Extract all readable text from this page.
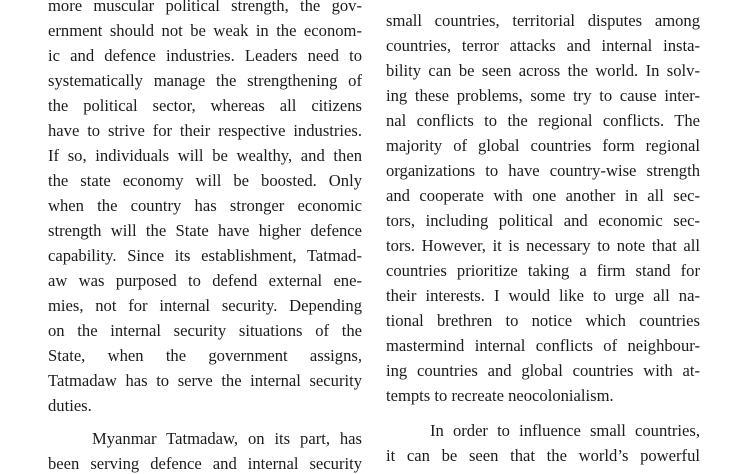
more muscular political strength, the gov-
ernment should not be weak in the econom-
ic and defence industries. Leaders need to
systematically manage the strengthening of
the political sector, whereas all citizens
have to strive for their respective industries.
If so, individuals will be wealthy, and then
the state economy will be boosted. Only
when the country has stronger economic
strength will the State have higher defence
capability. Since its establishment, Tatmad-
aw was purposed to defend external ene-
mies, not for internal security. Depending
on the internal security situations of the
State, when the government assigns,
Tatmadaw has to serve the internal security
duties.
Myanmar Tatmadaw, on its part, has
been serving defence and internal security
small countries, territorial disputes among
countries, terror attacks and internal insta-
bility can be seen across the world. In solv-
ing these problems, some try to cause inter-
nal conflicts to the regional conflicts. The
majority of global countries form regional
organizations to have country-wise strength
and cooperate with one another in all sec-
tors, including political and economic sec-
tors. However, it is necessary to note that all
countries prioritize taking a firm stand for
their interests. I would like to urge all na-
tional brethren to notice which countries
mastermind internal conflicts of neighbour-
ing countries and global countries with at-
tempts to recreate neocolonialism.
In order to influence small countries,
it can be seen that the world’s powerful
